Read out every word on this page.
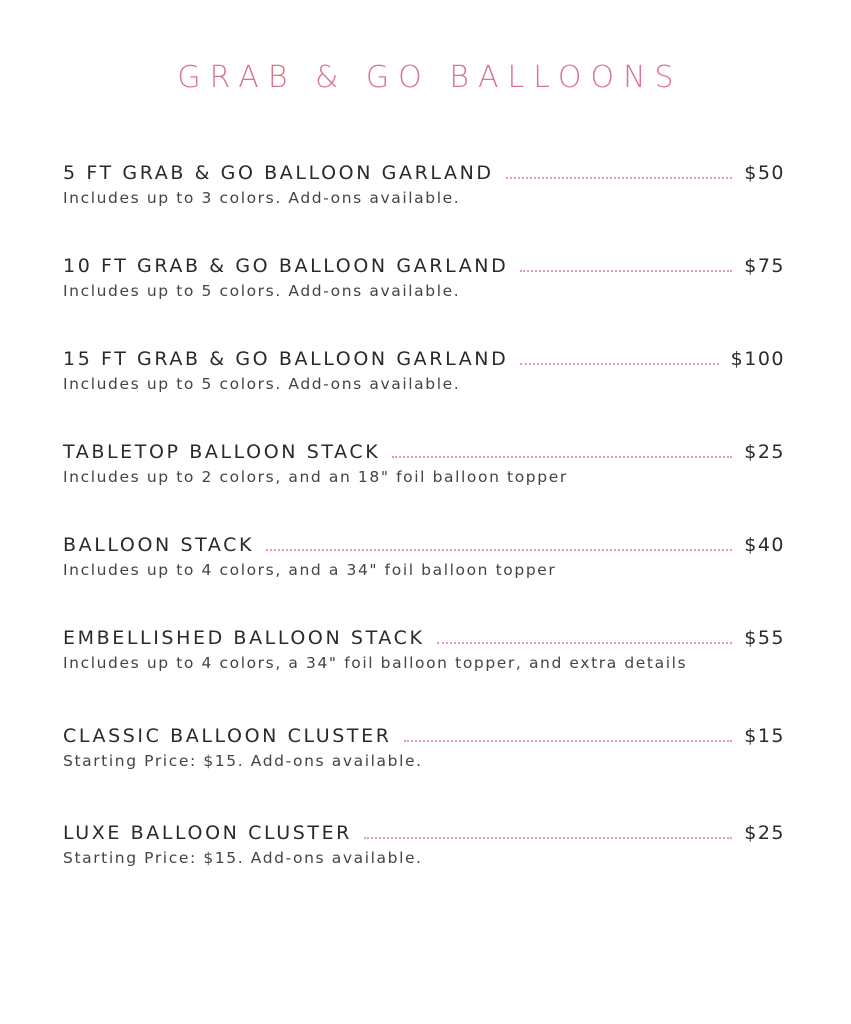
GRAB & GO BALLOONS
5 FT GRAB & GO BALLOON GARLAND	$50
Includes up to 3 colors. Add-ons available.
10 FT GRAB & GO BALLOON GARLAND	$75
Includes up to 5 colors. Add-ons available.
15 FT GRAB & GO BALLOON GARLAND	$100
Includes up to 5 colors. Add-ons available.
TABLETOP BALLOON STACK	$25
Includes up to 2 colors, and an 18" foil balloon topper
BALLOON STACK	$40
Includes up to 4 colors, and a 34" foil balloon topper
EMBELLISHED BALLOON STACK	$55
Includes up to 4 colors, a 34" foil balloon topper, and extra details
CLASSIC BALLOON CLUSTER	$15
Starting Price: $15. Add-ons available.
LUXE BALLOON CLUSTER	$25
Starting Price: $15. Add-ons available.
